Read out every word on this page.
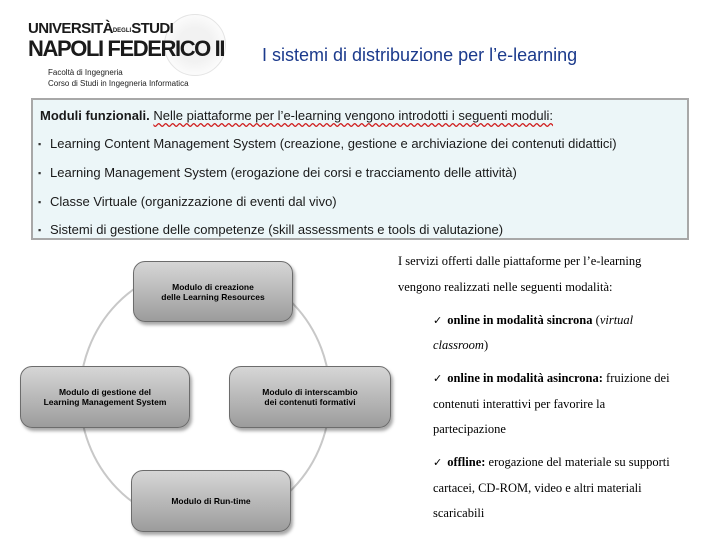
UNIVERSITÀDEGLISTUDI
NAPOLI FEDERICO II
Facoltà di Ingegneria
Corso di Studi in Ingegneria Informatica
I sistemi di distribuzione per l’e-learning
Moduli funzionali. Nelle piattaforme per l’e-learning vengono introdotti i seguenti moduli:
▪ Learning Content Management System (creazione, gestione e archiviazione dei contenuti didattici)
▪ Learning Management System (erogazione dei corsi e tracciamento delle attività)
▪ Classe Virtuale (organizzazione di eventi dal vivo)
▪ Sistemi di gestione delle competenze (skill assessments e tools di valutazione)
Modulo di creazione
delle Learning Resources
Modulo di gestione del
Learning Management System
Modulo di interscambio
dei contenuti formativi
Modulo di Run-time
I servizi offerti dalle piattaforme per l’e-learning
vengono realizzati nelle seguenti modalità:
✓ online in modalità sincrona (virtual
classroom)
✓ online in modalità asincrona: fruizione dei
contenuti interattivi per favorire la
partecipazione
✓ offline: erogazione del materiale su supporti
cartacei, CD-ROM, video e altri materiali
scaricabili
